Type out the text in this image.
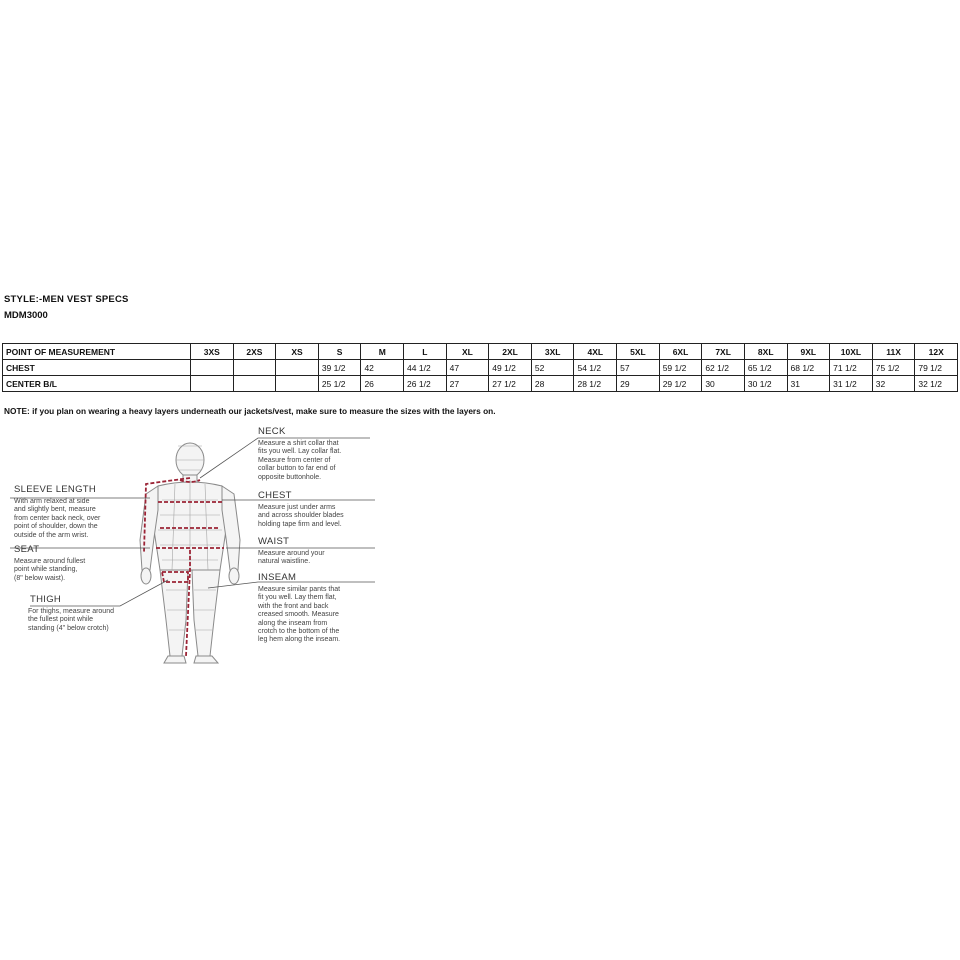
STYLE:-MEN VEST SPECS
MDM3000
POINT OF MEASUREMENT	3XS	2XS	XS	S	M	L	XL	2XL	3XL	4XL	5XL	6XL	7XL	8XL	9XL	10XL	11X	12X
CHEST				39 1/2	42	44 1/2	47	49 1/2	52	54 1/2	57	59 1/2	62 1/2	65 1/2	68 1/2	71 1/2	75 1/2	79 1/2
CENTER B/L				25 1/2	26	26 1/2	27	27 1/2	28	28 1/2	29	29 1/2	30	30 1/2	31	31 1/2	32	32 1/2
NOTE: if you plan on wearing a heavy layers underneath our jackets/vest, make sure to measure the sizes with the layers on.
NECK
Measure a shirt collar that
fits you well. Lay collar flat.
Measure from center of
collar button to far end of
opposite buttonhole.
CHEST
Measure just under arms
and across shoulder blades
holding tape firm and level.
WAIST
Measure around your
natural waistline.
INSEAM
Measure similar pants that
fit you well. Lay them flat,
with the front and back
creased smooth. Measure
along the inseam from
crotch to the bottom of the
leg hem along the inseam.
SLEEVE LENGTH
With arm relaxed at side
and slightly bent, measure
from center back neck, over
point of shoulder, down the
outside of the arm wrist.
SEAT
Measure around fullest
point while standing,
(8" below waist).
THIGH
For thighs, measure around
the fullest point while
standing (4" below crotch)
